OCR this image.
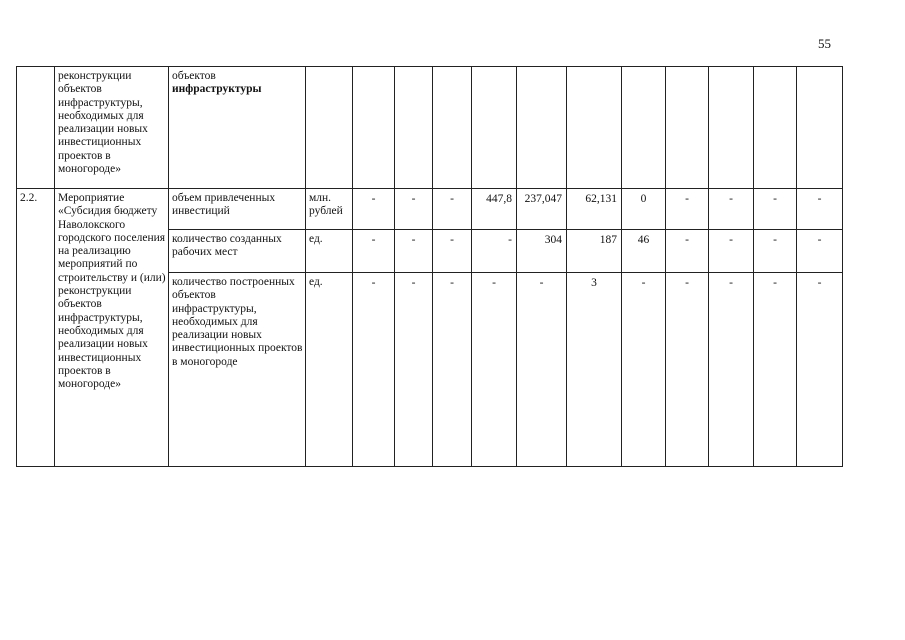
55
	реконструкции объектов инфраструктуры, необходимых для реализации новых инвестиционных проектов в моногороде»	объектов инфраструктуры												
2.2.	Мероприятие «Субсидия бюджету Наволокского городского поселения на реализацию мероприятий по строительству и (или) реконструкции объектов инфраструктуры, необходимых для реализации новых инвестиционных проектов в моногороде»	объем привлеченных инвестиций	млн. рублей	-	-	-	447,8	237,047	62,131	0	-	-	-	-
		количество созданных рабочих мест	ед.	-	-	-	-	304	187	46	-	-	-	-
		количество построенных объектов инфраструктуры, необходимых для реализации новых инвестиционных проектов в моногороде	ед.	-	-	-	-	-	3	-	-	-	-	-
